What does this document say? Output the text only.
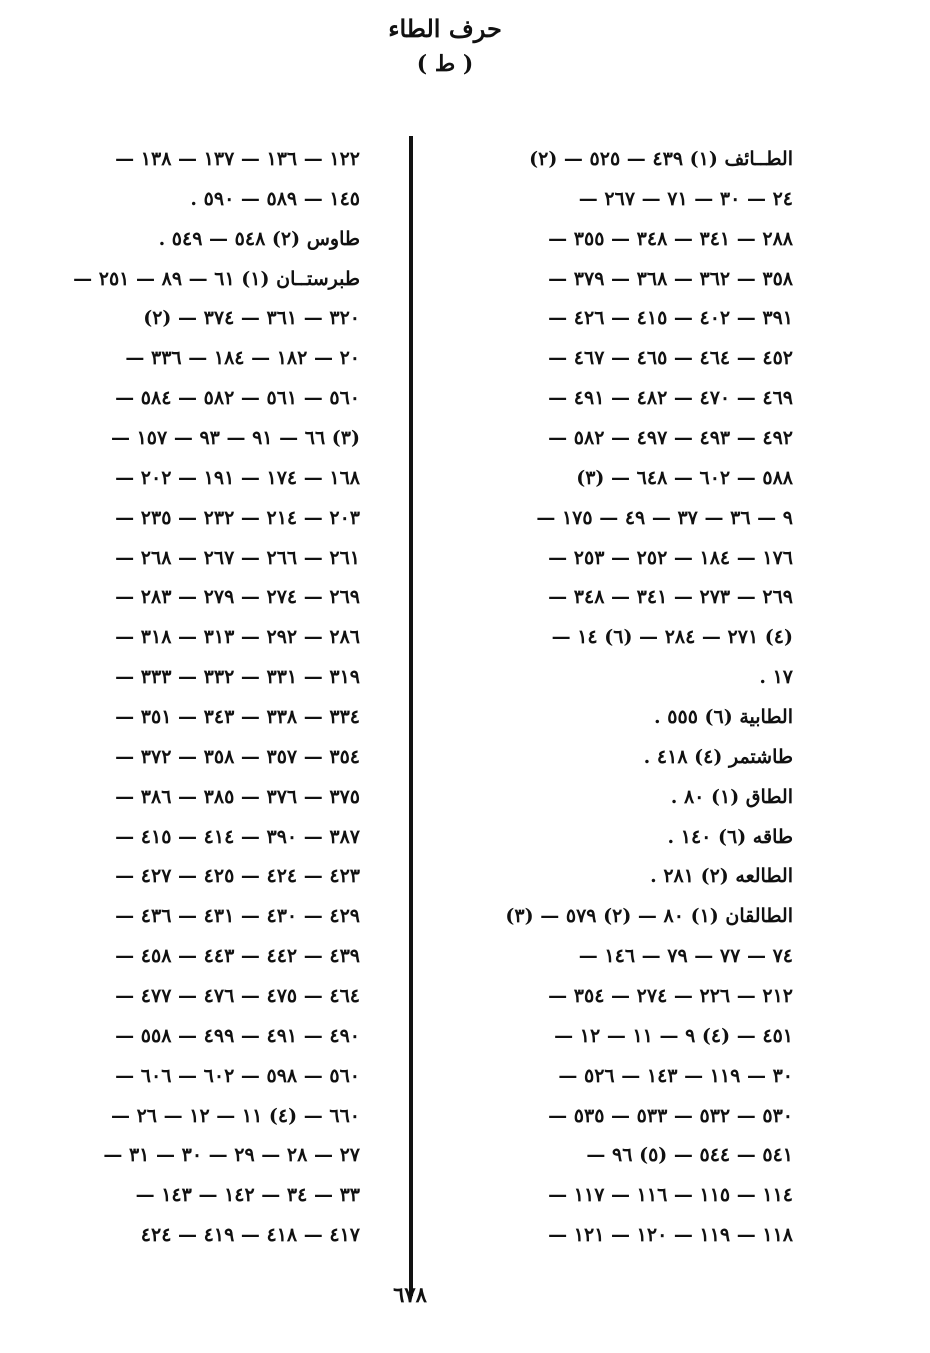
حرف الطاء
( ط )
الطــائف (١) ٤٣٩ — ٥٢٥ — (٢)
٢٤ — ٣٠ — ٧١ — ٢٦٧ —
٢٨٨ — ٣٤١ — ٣٤٨ — ٣٥٥ —
٣٥٨ — ٣٦٢ — ٣٦٨ — ٣٧٩ —
٣٩١ — ٤٠٢ — ٤١٥ — ٤٢٦ —
٤٥٢ — ٤٦٤ — ٤٦٥ — ٤٦٧ —
٤٦٩ — ٤٧٠ — ٤٨٢ — ٤٩١ —
٤٩٢ — ٤٩٣ — ٤٩٧ — ٥٨٢ —
٥٨٨ — ٦٠٢ — ٦٤٨ — (٣)
٩ — ٣٦ — ٣٧ — ٤٩ — ١٧٥ —
١٧٦ — ١٨٤ — ٢٥٢ — ٢٥٣ —
٢٦٩ — ٢٧٣ — ٣٤١ — ٣٤٨ —
(٤) ٢٧١ — ٢٨٤ — (٦) ١٤ —
١٧ .
الطابية (٦) ٥٥٥ .
طاشتمر (٤) ٤١٨ .
الطاق (١) ٨٠ .
طاقه (٦) ١٤٠ .
الطالعه (٢) ٢٨١ .
الطالقان (١) ٨٠ — (٢) ٥٧٩ — (٣)
٧٤ — ٧٧ — ٧٩ — ١٤٦ —
٢١٢ — ٢٢٦ — ٢٧٤ — ٣٥٤ —
٤٥١ — (٤) ٩ — ١١ — ١٢ —
٣٠ — ١١٩ — ١٤٣ — ٥٢٦ —
٥٣٠ — ٥٣٢ — ٥٣٣ — ٥٣٥ —
٥٤١ — ٥٤٤ — (٥) ٩٦ —
١١٤ — ١١٥ — ١١٦ — ١١٧ —
١١٨ — ١١٩ — ١٢٠ — ١٢١ —
١٢٢ — ١٣٦ — ١٣٧ — ١٣٨ —
١٤٥ — ٥٨٩ — ٥٩٠ .
طاوس (٢) ٥٤٨ — ٥٤٩ .
طبرستــان (١) ٦١ — ٨٩ — ٢٥١ —
٣٢٠ — ٣٦١ — ٣٧٤ — (٢)
٢٠ — ١٨٢ — ١٨٤ — ٣٣٦ —
٥٦٠ — ٥٦١ — ٥٨٢ — ٥٨٤ —
(٣) ٦٦ — ٩١ — ٩٣ — ١٥٧ —
١٦٨ — ١٧٤ — ١٩١ — ٢٠٢ —
٢٠٣ — ٢١٤ — ٢٣٢ — ٢٣٥ —
٢٦١ — ٢٦٦ — ٢٦٧ — ٢٦٨ —
٢٦٩ — ٢٧٤ — ٢٧٩ — ٢٨٣ —
٢٨٦ — ٢٩٢ — ٣١٣ — ٣١٨ —
٣١٩ — ٣٣١ — ٣٣٢ — ٣٣٣ —
٣٣٤ — ٣٣٨ — ٣٤٣ — ٣٥١ —
٣٥٤ — ٣٥٧ — ٣٥٨ — ٣٧٢ —
٣٧٥ — ٣٧٦ — ٣٨٥ — ٣٨٦ —
٣٨٧ — ٣٩٠ — ٤١٤ — ٤١٥ —
٤٢٣ — ٤٢٤ — ٤٢٥ — ٤٢٧ —
٤٢٩ — ٤٣٠ — ٤٣١ — ٤٣٦ —
٤٣٩ — ٤٤٢ — ٤٤٣ — ٤٥٨ —
٤٦٤ — ٤٧٥ — ٤٧٦ — ٤٧٧ —
٤٩٠ — ٤٩١ — ٤٩٩ — ٥٥٨ —
٥٦٠ — ٥٩٨ — ٦٠٢ — ٦٠٦ —
٦٦٠ — (٤) ١١ — ١٢ — ٢٦ —
٢٧ — ٢٨ — ٢٩ — ٣٠ — ٣١ —
٣٣ — ٣٤ — ١٤٢ — ١٤٣ —
٤١٧ — ٤١٨ — ٤١٩ — ٤٢٤
٦٧٨
